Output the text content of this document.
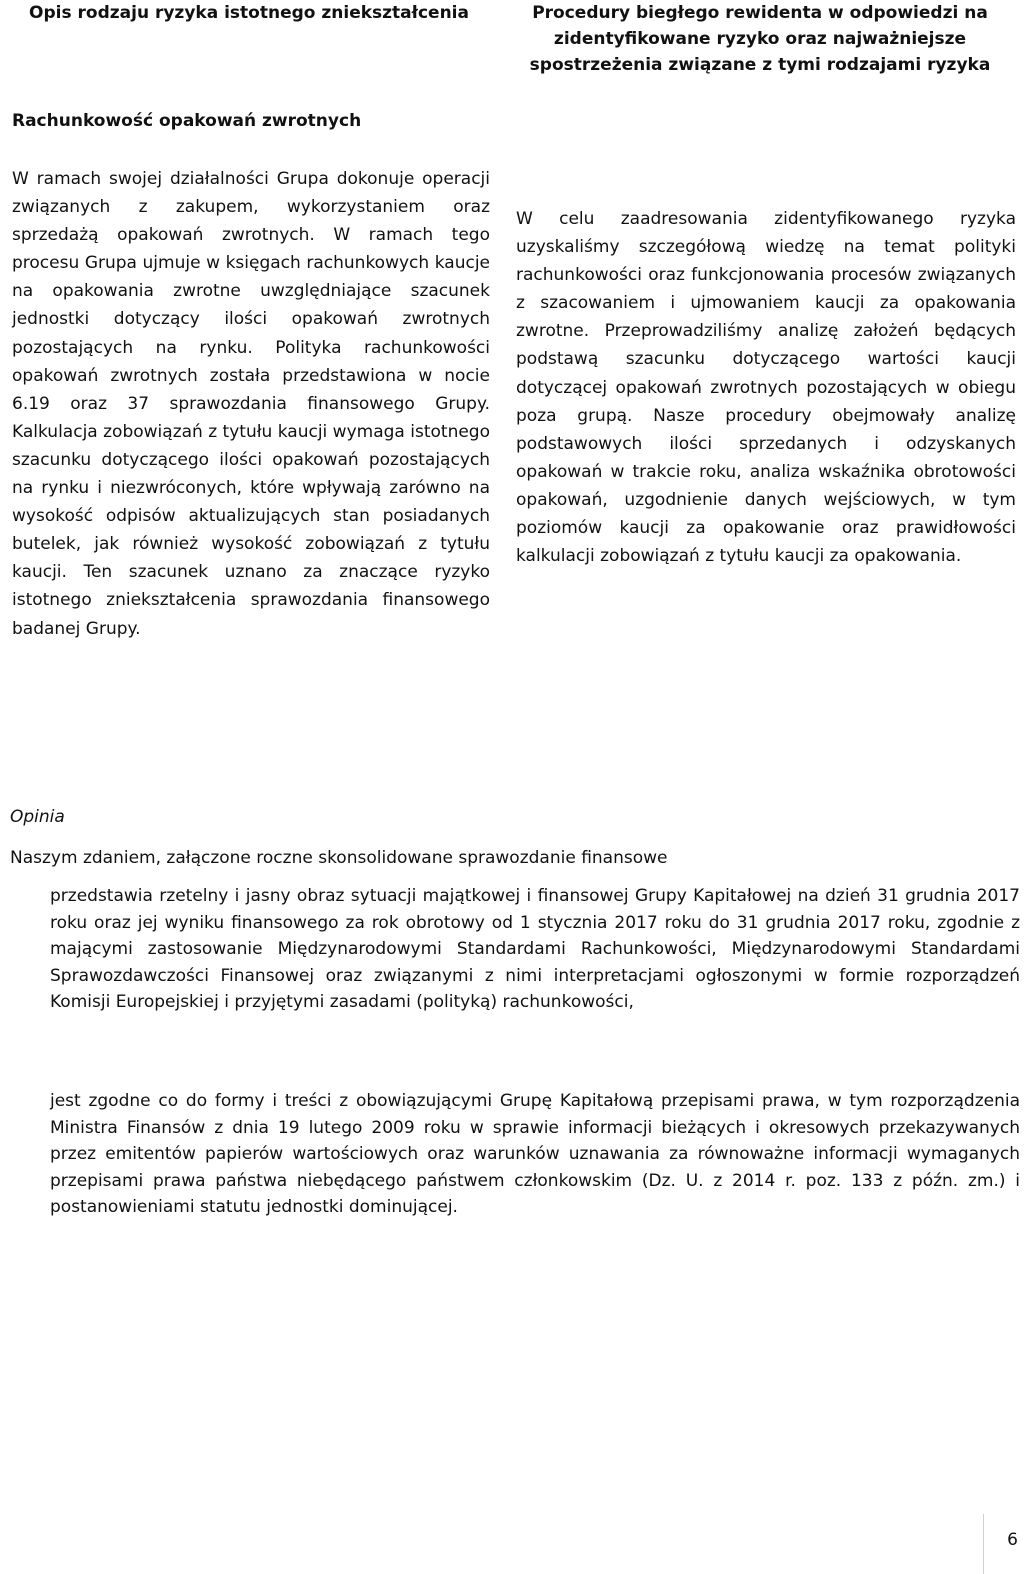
Opis rodzaju ryzyka istotnego zniekształcenia

Rachunkowość opakowań zwrotnych

W ramach swojej działalności Grupa dokonuje operacji związanych z zakupem, wykorzystaniem oraz sprzedażą opakowań zwrotnych. W ramach tego procesu Grupa ujmuje w księgach rachunkowych kaucje na opakowania zwrotne uwzględniające szacunek jednostki dotyczący ilości opakowań zwrotnych pozostających na rynku. Polityka rachunkowości opakowań zwrotnych została przedstawiona w nocie 6.19 oraz 37 sprawozdania finansowego Grupy. Kalkulacja zobowiązań z tytułu kaucji wymaga istotnego szacunku dotyczącego ilości opakowań pozostających na rynku i niezwróconych, które wpływają zarówno na wysokość odpisów aktualizujących stan posiadanych butelek, jak również wysokość zobowiązań z tytułu kaucji. Ten szacunek uznano za znaczące ryzyko istotnego zniekształcenia sprawozdania finansowego badanej Grupy.

Procedury biegłego rewidenta w odpowiedzi na zidentyfikowane ryzyko oraz najważniejsze spostrzeżenia związane z tymi rodzajami ryzyka

W celu zaadresowania zidentyfikowanego ryzyka uzyskaliśmy szczegółową wiedzę na temat polityki rachunkowości oraz funkcjonowania procesów związanych z szacowaniem i ujmowaniem kaucji za opakowania zwrotne. Przeprowadziliśmy analizę założeń będących podstawą szacunku dotyczącego wartości kaucji dotyczącej opakowań zwrotnych pozostających w obiegu poza grupą. Nasze procedury obejmowały analizę podstawowych ilości sprzedanych i odzyskanych opakowań w trakcie roku, analiza wskaźnika obrotowości opakowań, uzgodnienie danych wejściowych, w tym poziomów kaucji za opakowanie oraz prawidłowości kalkulacji zobowiązań z tytułu kaucji za opakowania.

Opinia

Naszym zdaniem, załączone roczne skonsolidowane sprawozdanie finansowe

przedstawia rzetelny i jasny obraz sytuacji majątkowej i finansowej Grupy Kapitałowej na dzień 31 grudnia 2017 roku oraz jej wyniku finansowego za rok obrotowy od 1 stycznia 2017 roku do 31 grudnia 2017 roku, zgodnie z mającymi zastosowanie Międzynarodowymi Standardami Rachunkowości, Międzynarodowymi Standardami Sprawozdawczości Finansowej oraz związanymi z nimi interpretacjami ogłoszonymi w formie rozporządzeń Komisji Europejskiej i przyjętymi zasadami (polityką) rachunkowości,

jest zgodne co do formy i treści z obowiązującymi Grupę Kapitałową przepisami prawa, w tym rozporządzenia Ministra Finansów z dnia 19 lutego 2009 roku w sprawie informacji bieżących i okresowych przekazywanych przez emitentów papierów wartościowych oraz warunków uznawania za równoważne informacji wymaganych przepisami prawa państwa niebędącego państwem członkowskim (Dz. U. z 2014 r. poz. 133 z późn. zm.) i postanowieniami statutu jednostki dominującej.

6
